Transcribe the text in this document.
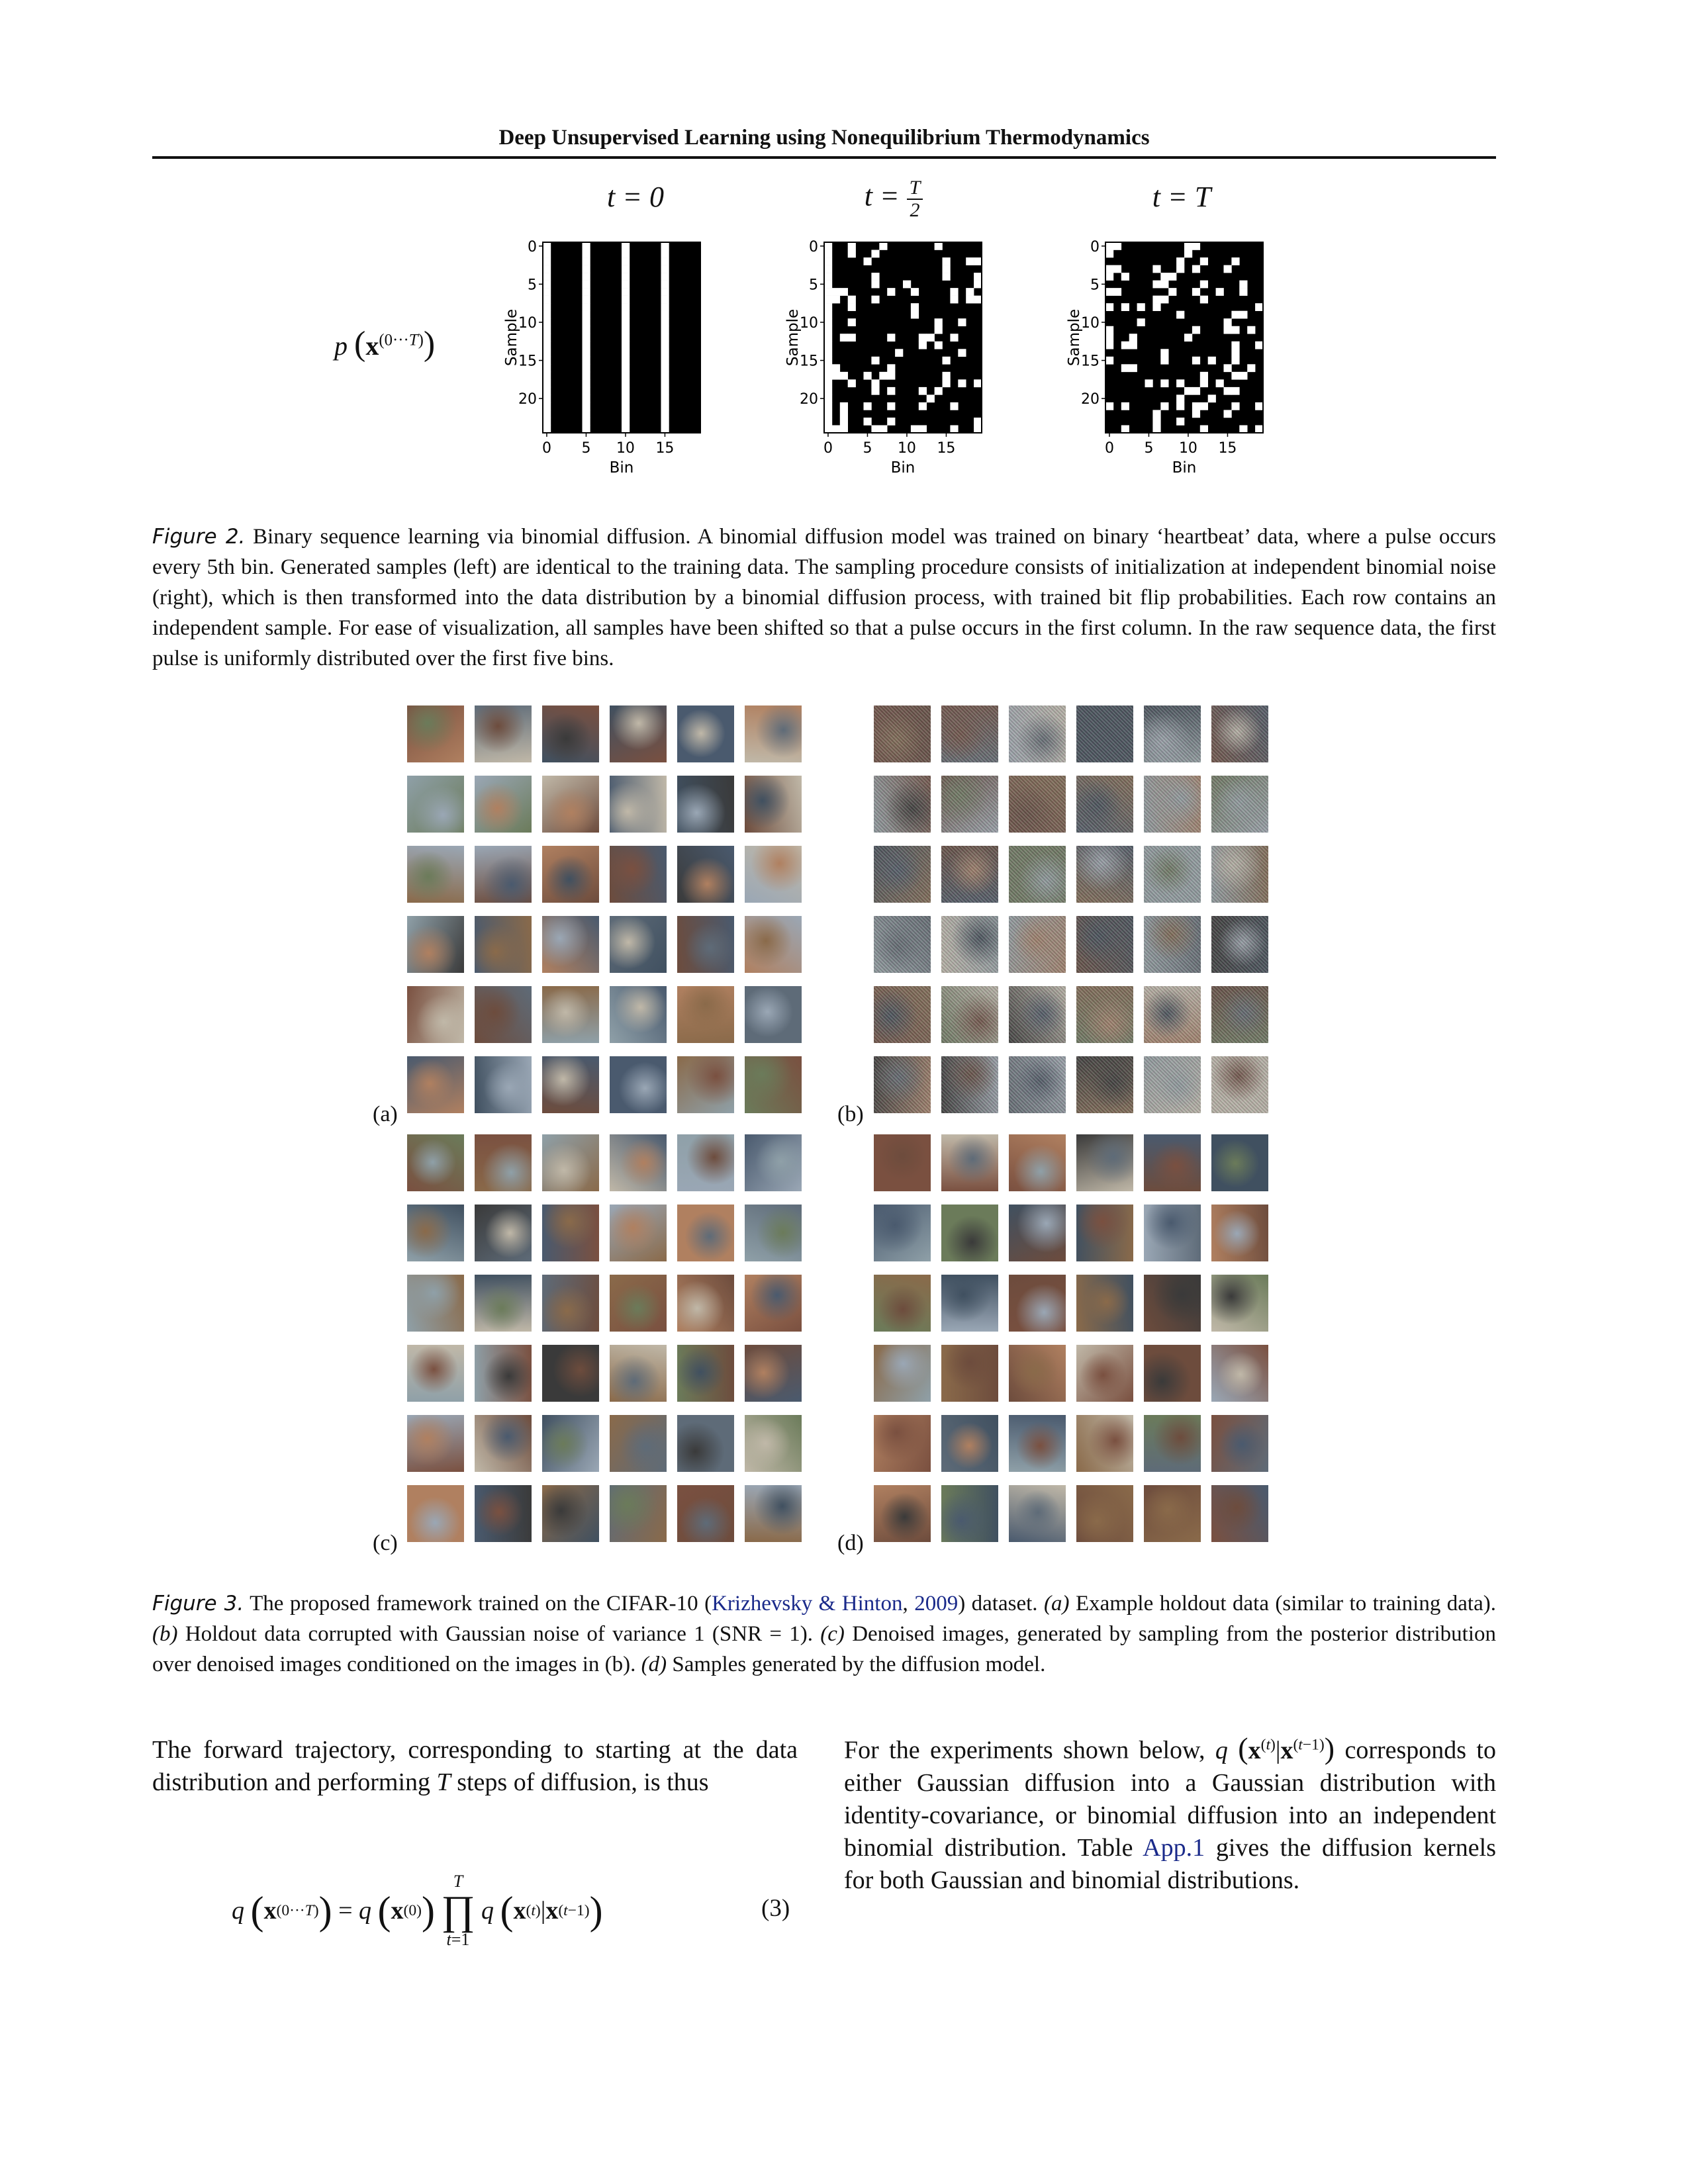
Deep Unsupervised Learning using Nonequilibrium Thermodynamics
t = 0	$t = \frac{T}{2}$	t = T
p $(x^{(0\cdot\cdot\cdot T)})$
0
5
10
15
20
0 5 10 15
Bin
Sample
0
5
10
15
20
0 5 10 15
Bin
Sample
0
5
10
15
20
0 5 10 15
Bin
Sample
Figure 2. Binary sequence learning via binomial diffusion. A binomial diffusion model was trained on binary ‘heartbeat’ data, where a pulse occurs every 5th bin. Generated samples (left) are identical to the training data. The sampling procedure consists of initialization at independent binomial noise (right), which is then transformed into the data distribution by a binomial diffusion process, with trained bit flip probabilities. Each row contains an independent sample. For ease of visualization, all samples have been shifted so that a pulse occurs in the first column. In the raw sequence data, the first pulse is uniformly distributed over the first five bins.
(a)	(b)
(c)	(d)
Figure 3. The proposed framework trained on the CIFAR-10 (Krizhevsky & Hinton, 2009) dataset. (a) Example holdout data (similar to training data). (b) Holdout data corrupted with Gaussian noise of variance 1 (SNR = 1). (c) Denoised images, generated by sampling from the posterior distribution over denoised images conditioned on the images in (b). (d) Samples generated by the diffusion model.
The forward trajectory, corresponding to starting at the data distribution and performing T steps of diffusion, is thus
q
( x (0···T) ) = q
( x (0) )

T
∏
t=1

q
( x (t) | x (t−1) )	(3)
For the experiments shown below, q $(x^{(t)}|x^{(t-1)})$ corresponds to either Gaussian diffusion into a Gaussian distribution with identity-covariance, or binomial diffusion into an independent binomial distribution. Table App.1 gives the diffusion kernels for both Gaussian and binomial distributions.
